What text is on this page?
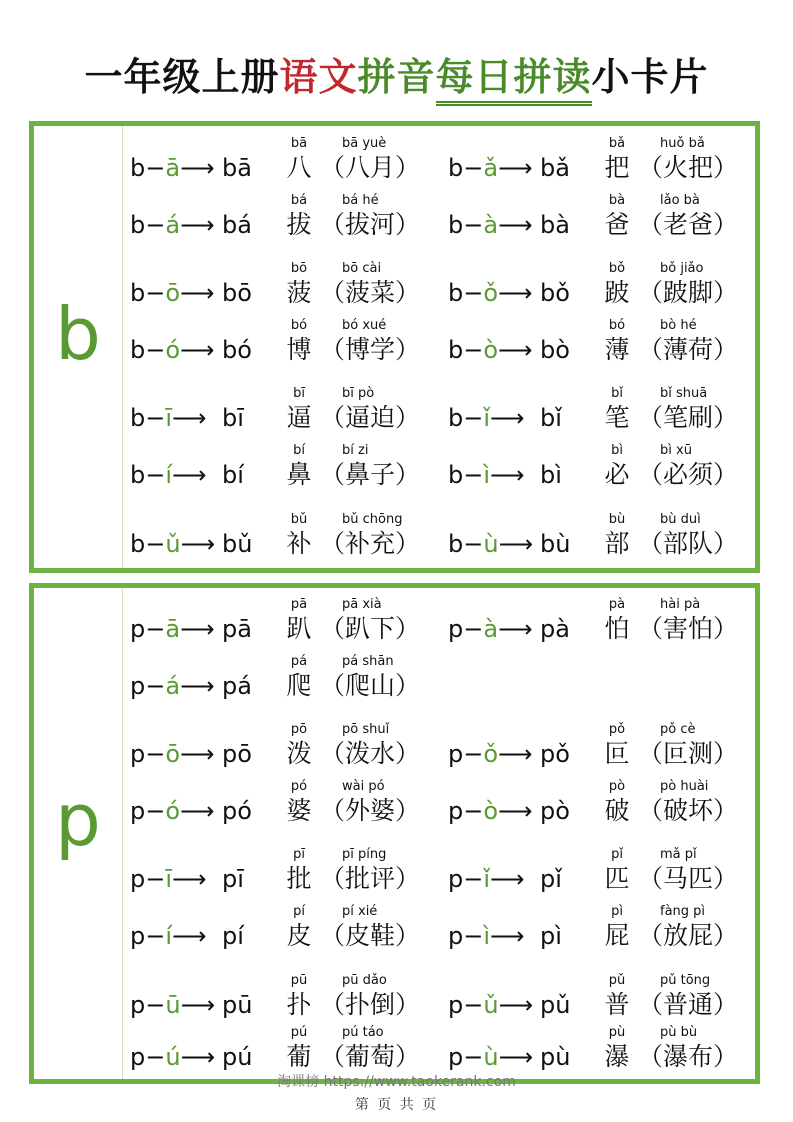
一年级上册语文拼音每日拼读小卡片
b
b−ā⟶ bā
bā
八
bā yuè
（八月） b−ǎ⟶ bǎ
bǎ
把
huǒ bǎ
（火把）
b−á⟶ bá
bá
拔
bá hé
（拔河） b−à⟶ bà
bà
爸
lǎo bà
（老爸）
b−ō⟶ bō
bō
菠
bō cài
（菠菜） b−ǒ⟶ bǒ
bǒ
跛
bǒ jiǎo
（跛脚）
b−ó⟶ bó
bó
博
bó xué
（博学） b−ò⟶ bò
bó
薄
bò hé
（薄荷）
b−ī⟶ bī
bī
逼
bī pò
（逼迫） b−ǐ⟶ bǐ
bǐ
笔
bǐ shuā
（笔刷）
b−í⟶ bí
bí
鼻
bí zi
（鼻子） b−ì⟶ bì
bì
必
bì xū
（必须）
b−ǔ⟶ bǔ
bǔ
补
bǔ chōng
（补充） b−ù⟶ bù
bù
部
bù duì
（部队）
p
p−ā⟶ pā
pā
趴
pā xià
（趴下） p−à⟶ pà
pà
怕
hài pà
（害怕）
p−á⟶ pá
pá
爬
pá shān
（爬山）
p−ō⟶ pō
pō
泼
pō shuǐ
（泼水） p−ǒ⟶ pǒ
pǒ
叵
pǒ cè
（叵测）
p−ó⟶ pó
pó
婆
wài pó
（外婆） p−ò⟶ pò
pò
破
pò huài
（破坏）
p−ī⟶ pī
pī
批
pī píng
（批评） p−ǐ⟶ pǐ
pǐ
匹
mǎ pǐ
（马匹）
p−í⟶ pí
pí
皮
pí xié
（皮鞋） p−ì⟶ pì
pì
屁
fàng pì
（放屁）
p−ū⟶ pū
pū
扑
pū dǎo
（扑倒） p−ǔ⟶ pǔ
pǔ
普
pǔ tōng
（普通）
p−ú⟶ pú
pú
葡
pú táo
（葡萄） p−ù⟶ pù
pù
瀑
pù bù
（瀑布）
淘课榜 https://www.taokerank.com
第 页 共 页
